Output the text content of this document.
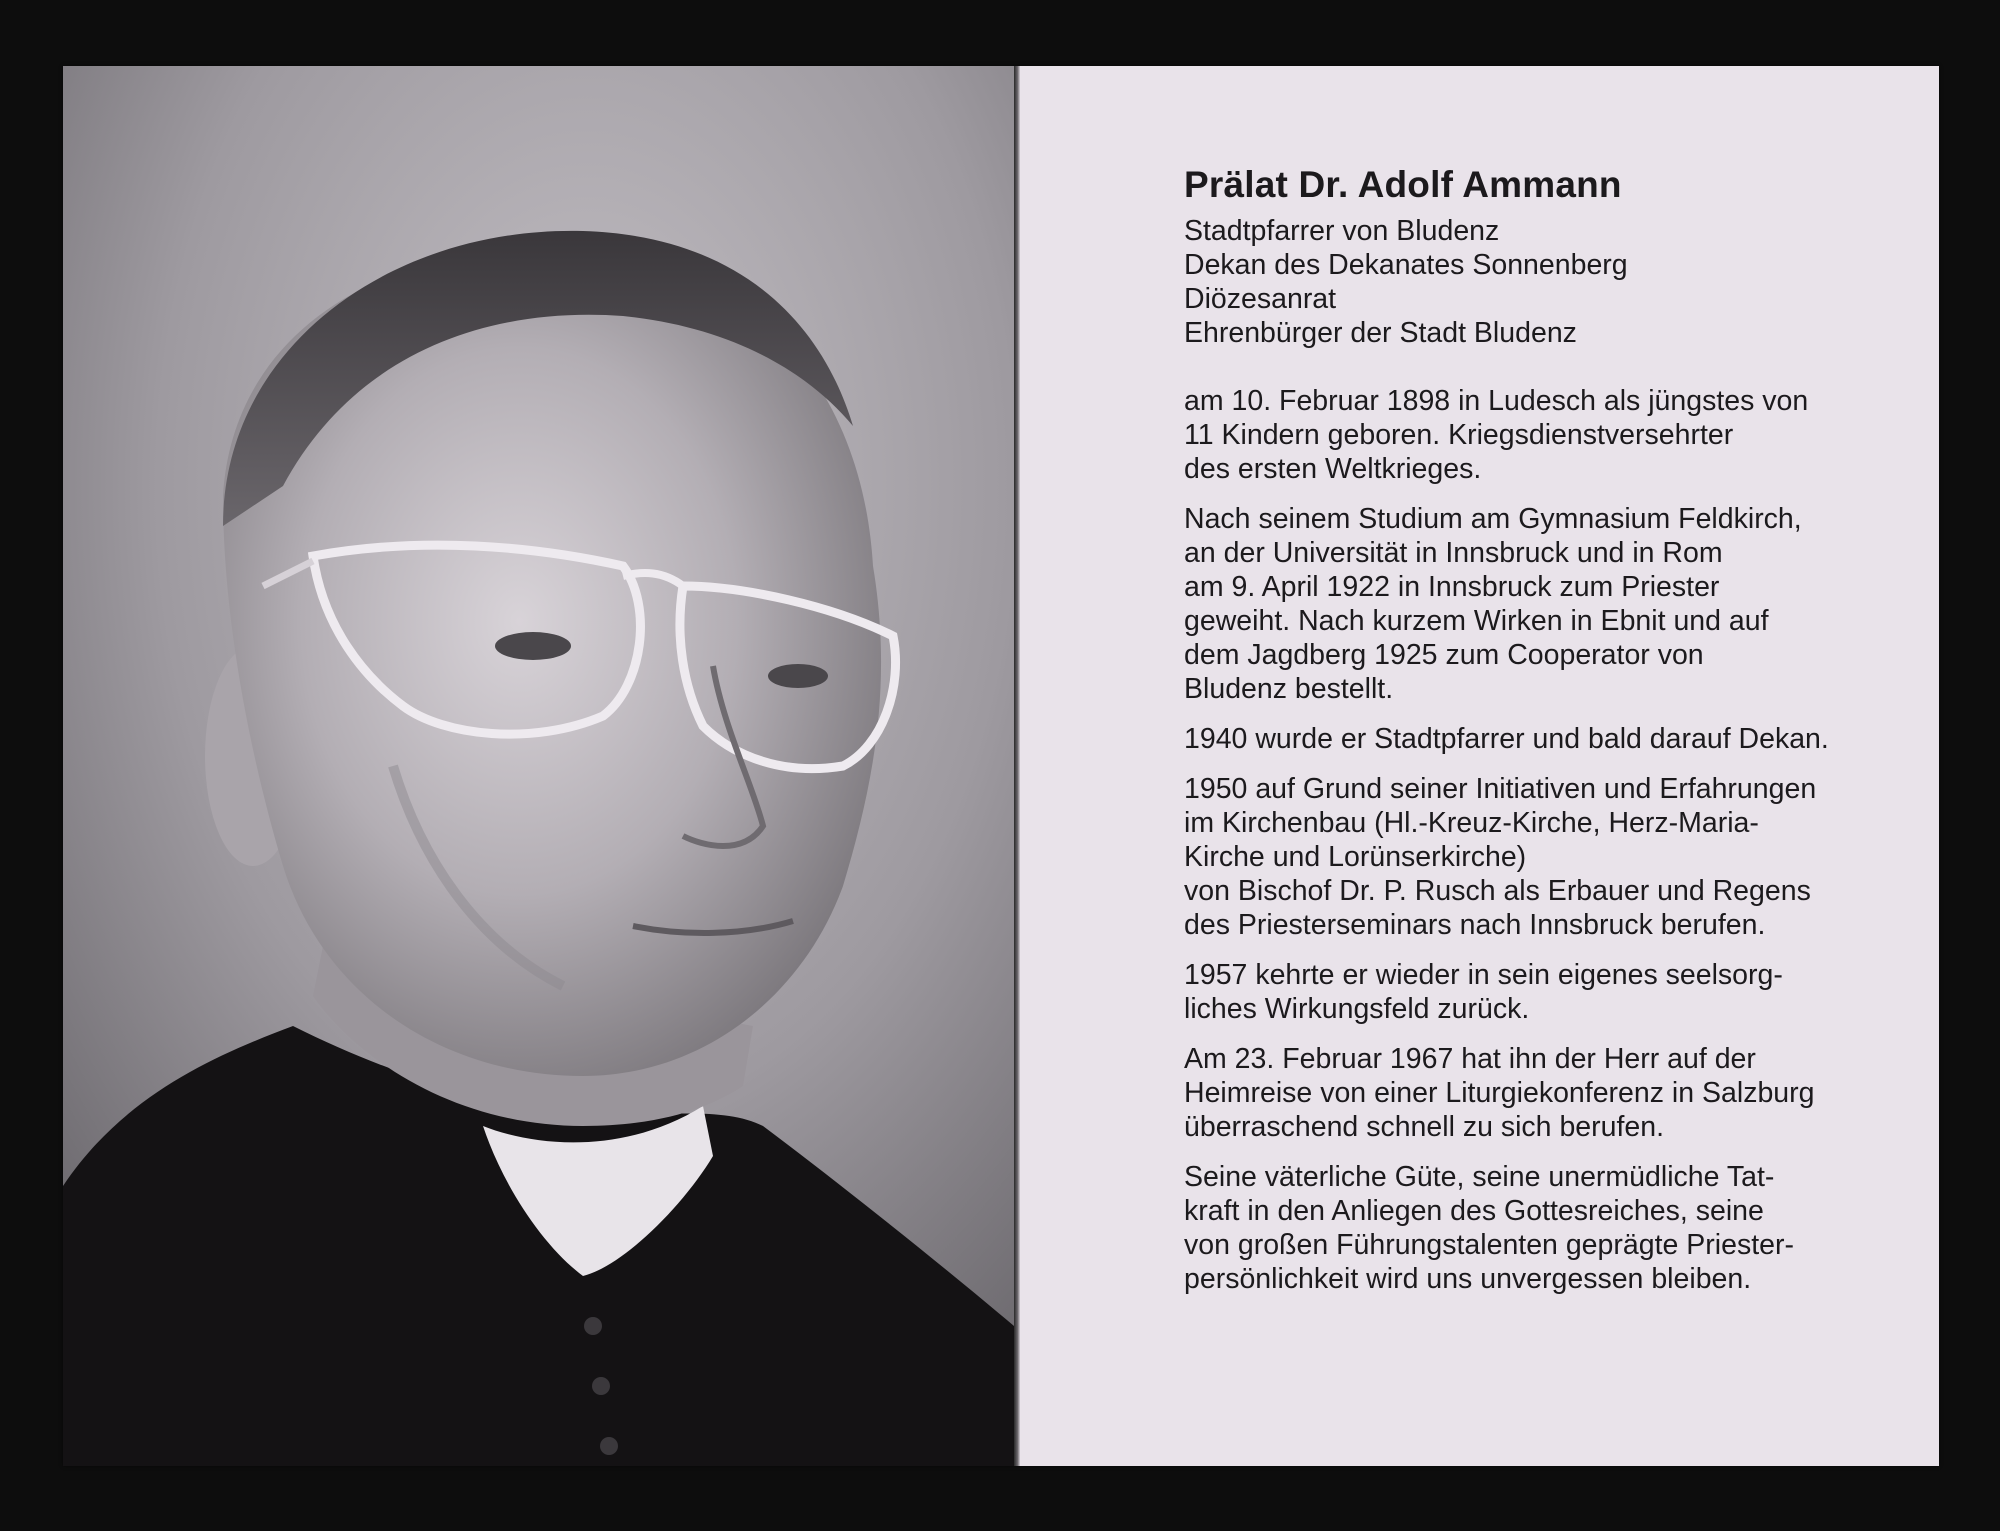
Prälat Dr. Adolf Ammann
Stadtpfarrer von Bludenz
Dekan des Dekanates Sonnenberg
Diözesanrat
Ehrenbürger der Stadt Bludenz
am 10. Februar 1898 in Ludesch als jüngstes von
11 Kindern geboren. Kriegsdienstversehrter
des ersten Weltkrieges.
Nach seinem Studium am Gymnasium Feldkirch,
an der Universität in Innsbruck und in Rom
am 9. April 1922 in Innsbruck zum Priester
geweiht. Nach kurzem Wirken in Ebnit und auf
dem Jagdberg 1925 zum Cooperator von
Bludenz bestellt.
1940 wurde er Stadtpfarrer und bald darauf Dekan.
1950 auf Grund seiner Initiativen und Erfahrungen
im Kirchenbau (Hl.-Kreuz-Kirche, Herz-Maria-
Kirche und Lorünserkirche)
von Bischof Dr. P. Rusch als Erbauer und Regens
des Priesterseminars nach Innsbruck berufen.
1957 kehrte er wieder in sein eigenes seelsorg-
liches Wirkungsfeld zurück.
Am 23. Februar 1967 hat ihn der Herr auf der
Heimreise von einer Liturgiekonferenz in Salzburg
überraschend schnell zu sich berufen.
Seine väterliche Güte, seine unermüdliche Tat-
kraft in den Anliegen des Gottesreiches, seine
von großen Führungstalenten geprägte Priester-
persönlichkeit wird uns unvergessen bleiben.
